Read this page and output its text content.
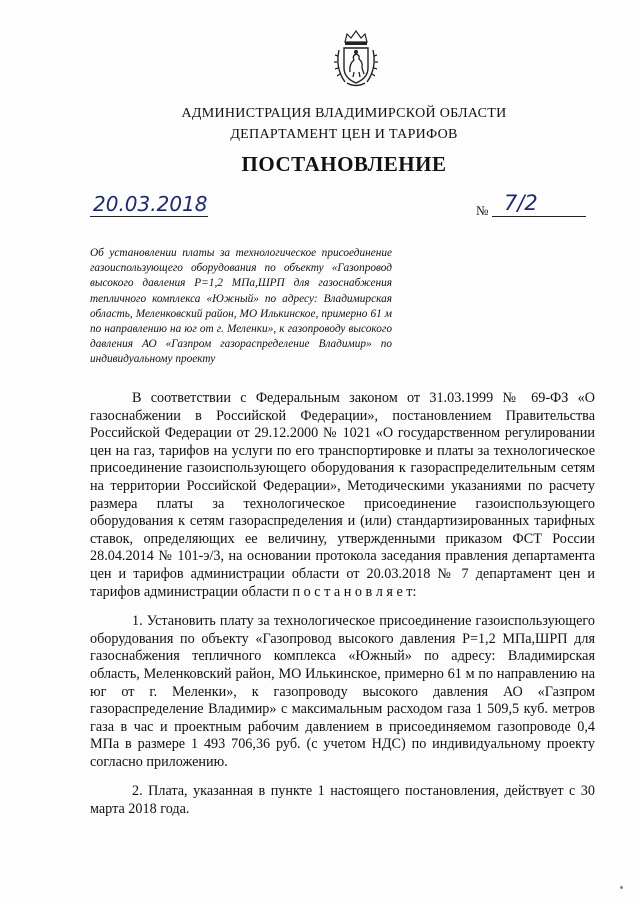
АДМИНИСТРАЦИЯ ВЛАДИМИРСКОЙ ОБЛАСТИ
ДЕПАРТАМЕНТ ЦЕН И ТАРИФОВ
ПОСТАНОВЛЕНИЕ
20.03.2018	№ 7/2
Об установлении платы за технологическое присоединение газоиспользующего оборудования по объекту «Газопровод высокого давления Р=1,2 МПа,ШРП для газоснабжения тепличного комплекса «Южный» по адресу: Владимирская область, Меленковский район, МО Илькинское, примерно 61 м по направлению на юг от г. Меленки», к газопроводу высокого давления АО «Газпром газораспределение Владимир» по индивидуальному проекту

В соответствии с Федеральным законом от 31.03.1999 № 69-ФЗ «О газоснабжении в Российской Федерации», постановлением Правительства Российской Федерации от 29.12.2000 № 1021 «О государственном регулировании цен на газ, тарифов на услуги по его транспортировке и платы за технологическое присоединение газоиспользующего оборудования к газораспределительным сетям на территории Российской Федерации», Методическими указаниями по расчету размера платы за технологическое присоединение газоиспользующего оборудования к сетям газораспределения и (или) стандартизированных тарифных ставок, определяющих ее величину, утвержденными приказом ФСТ России 28.04.2014 № 101-э/3, на основании протокола заседания правления департамента цен и тарифов администрации области от 20.03.2018 № 7 департамент цен и тарифов администрации области п о с т а н о в л я е т:

1. Установить плату за технологическое присоединение газоиспользующего оборудования по объекту «Газопровод высокого давления Р=1,2 МПа,ШРП для газоснабжения тепличного комплекса «Южный» по адресу: Владимирская область, Меленковский район, МО Илькинское, примерно 61 м по направлению на юг от г. Меленки», к газопроводу высокого давления АО «Газпром газораспределение Владимир» с максимальным расходом газа 1 509,5 куб. метров газа в час и проектным рабочим давлением в присоединяемом газопроводе 0,4 МПа в размере 1 493 706,36 руб. (с учетом НДС) по индивидуальному проекту согласно приложению.

2. Плата, указанная в пункте 1 настоящего постановления, действует с 30 марта 2018 года.
